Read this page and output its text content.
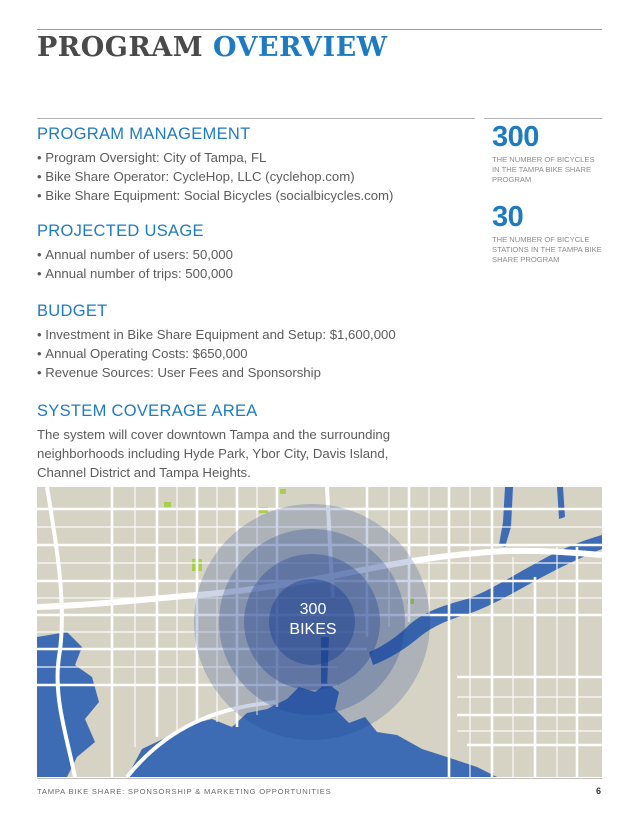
PROGRAM OVERVIEW
PROGRAM MANAGEMENT
• Program Oversight: City of Tampa, FL
• Bike Share Operator: CycleHop, LLC (cyclehop.com)
• Bike Share Equipment: Social Bicycles (socialbicycles.com)
PROJECTED USAGE
• Annual number of users: 50,000
• Annual number of trips: 500,000
BUDGET
• Investment in Bike Share Equipment and Setup: $1,600,000
• Annual Operating Costs: $650,000
• Revenue Sources: User Fees and Sponsorship
SYSTEM COVERAGE AREA

The system will cover downtown Tampa and the surrounding neighborhoods including Hyde Park, Ybor City, Davis Island, Channel District and Tampa Heights.

300
THE NUMBER OF BICYCLES IN THE TAMPA BIKE SHARE PROGRAM
30
THE NUMBER OF BICYCLE STATIONS IN THE TAMPA BIKE SHARE PROGRAM
300
BIKES
TAMPA BIKE SHARE: SPONSORSHIP & MARKETING OPPORTUNITIES	6
